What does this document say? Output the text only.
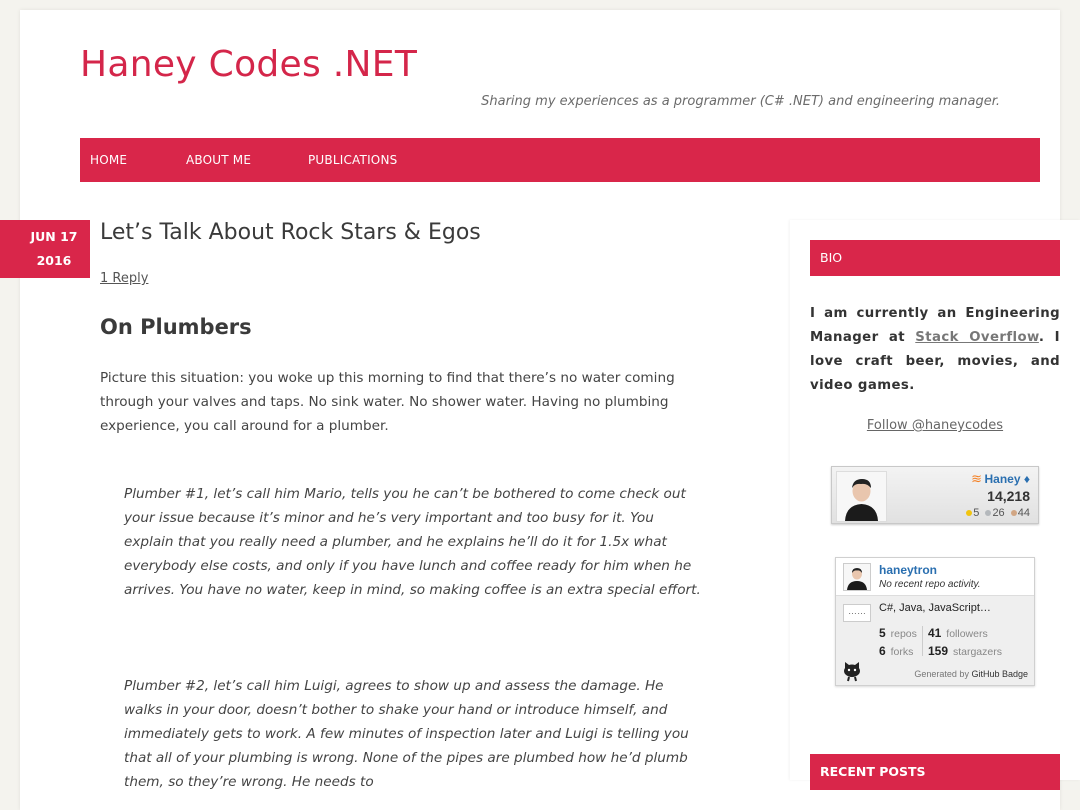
Haney Codes .NET
Sharing my experiences as a programmer (C# .NET) and engineering manager.
HOME	ABOUT ME	PUBLICATIONS
JUN 17
2016
Let’s Talk About Rock Stars & Egos
1 Reply
On Plumbers

Picture this situation: you woke up this morning to find that there’s no water coming through your valves and taps. No sink water. No shower water. Having no plumbing experience, you call around for a plumber.

Plumber #1, let’s call him Mario, tells you he can’t be bothered to come check out your issue because it’s minor and he’s very important and too busy for it. You explain that you really need a plumber, and he explains he’ll do it for 1.5x what everybody else costs, and only if you have lunch and coffee ready for him when he arrives. You have no water, keep in mind, so making coffee is an extra special effort.

Plumber #2, let’s call him Luigi, agrees to show up and assess the damage. He walks in your door, doesn’t bother to shake your hand or introduce himself, and immediately gets to work. A few minutes of inspection later and Luigi is telling you that all of your plumbing is wrong. None of the pipes are plumbed how he’d plumb them, so they’re wrong. He needs to

BIO
I am currently an Engineering Manager at Stack Overflow. I love craft beer, movies, and video games.
Follow @haneycodes
≋ Haney ♦
14,218
5 26 44
haneytron
No recent repo activity.
……	C#, Java, JavaScript…
5 repos
6 forks
41 followers
159 stargazers
Generated by GitHub Badge
RECENT POSTS
